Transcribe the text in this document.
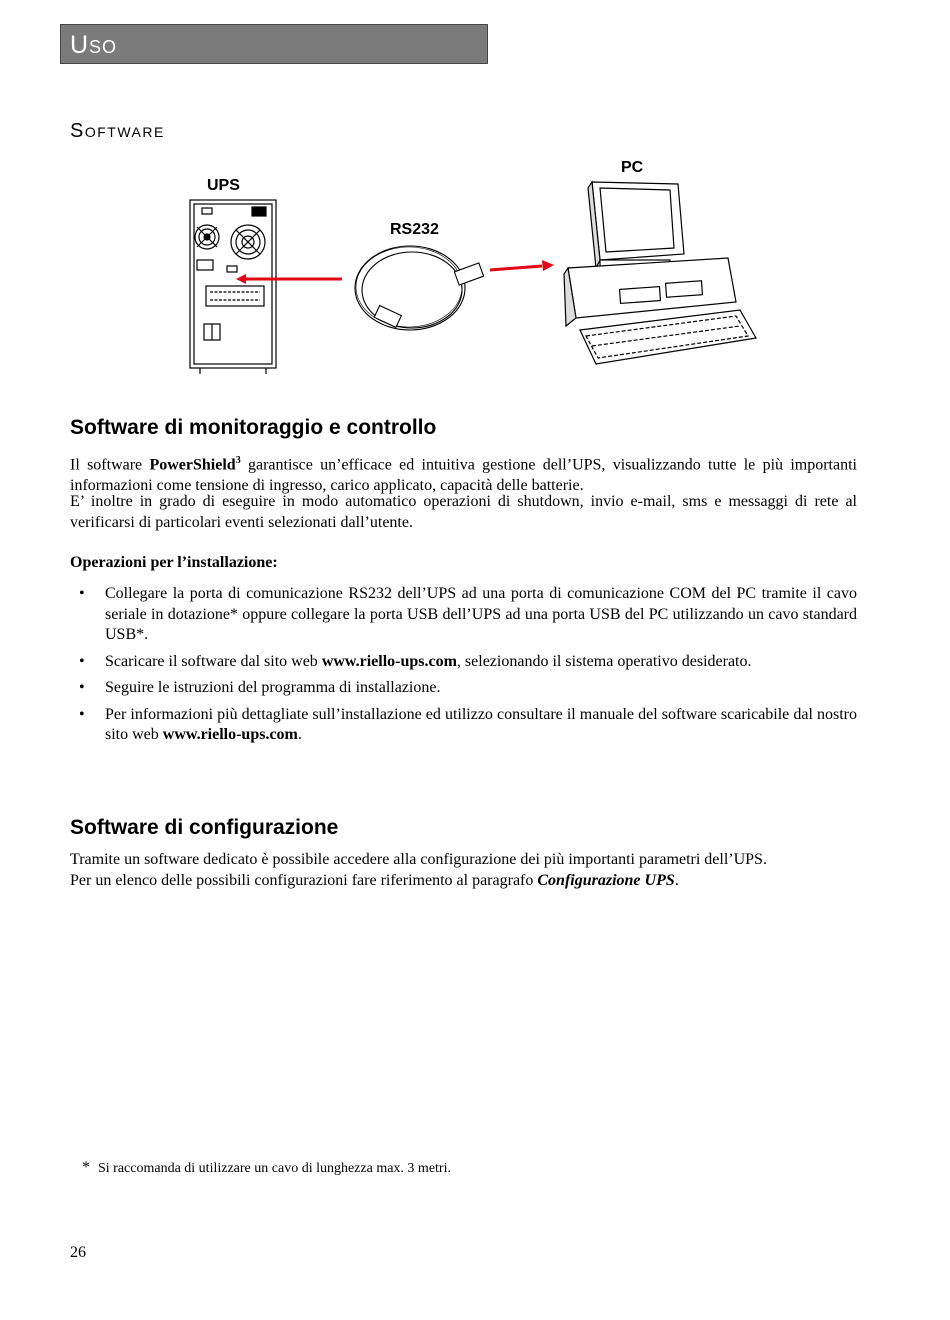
Uso
Software
UPS
RS232
PC
Software di monitoraggio e controllo

Il software PowerShield$^3$ garantisce un’efficace ed intuitiva gestione dell’UPS, visualizzando tutte le più importanti informazioni come tensione di ingresso, carico applicato, capacità delle batterie.

E’ inoltre in grado di eseguire in modo automatico operazioni di shutdown, invio e-mail, sms e messaggi di rete al verificarsi di particolari eventi selezionati dall’utente.

Operazioni per l’installazione:
• Collegare la porta di comunicazione RS232 dell’UPS ad una porta di comunicazione COM del PC tramite il cavo seriale in dotazione* oppure collegare la porta USB dell’UPS ad una porta USB del PC utilizzando un cavo standard USB*.
• Scaricare il software dal sito web www.riello-ups.com, selezionando il sistema operativo desiderato.
• Seguire le istruzioni del programma di installazione.
• Per informazioni più dettagliate sull’installazione ed utilizzo consultare il manuale del software scaricabile dal nostro sito web www.riello-ups.com.
Software di configurazione

Tramite un software dedicato è possibile accedere alla configurazione dei più importanti parametri dell’UPS.

Per un elenco delle possibili configurazioni fare riferimento al paragrafo Configurazione UPS.

* Si raccomanda di utilizzare un cavo di lunghezza max. 3 metri.
26
